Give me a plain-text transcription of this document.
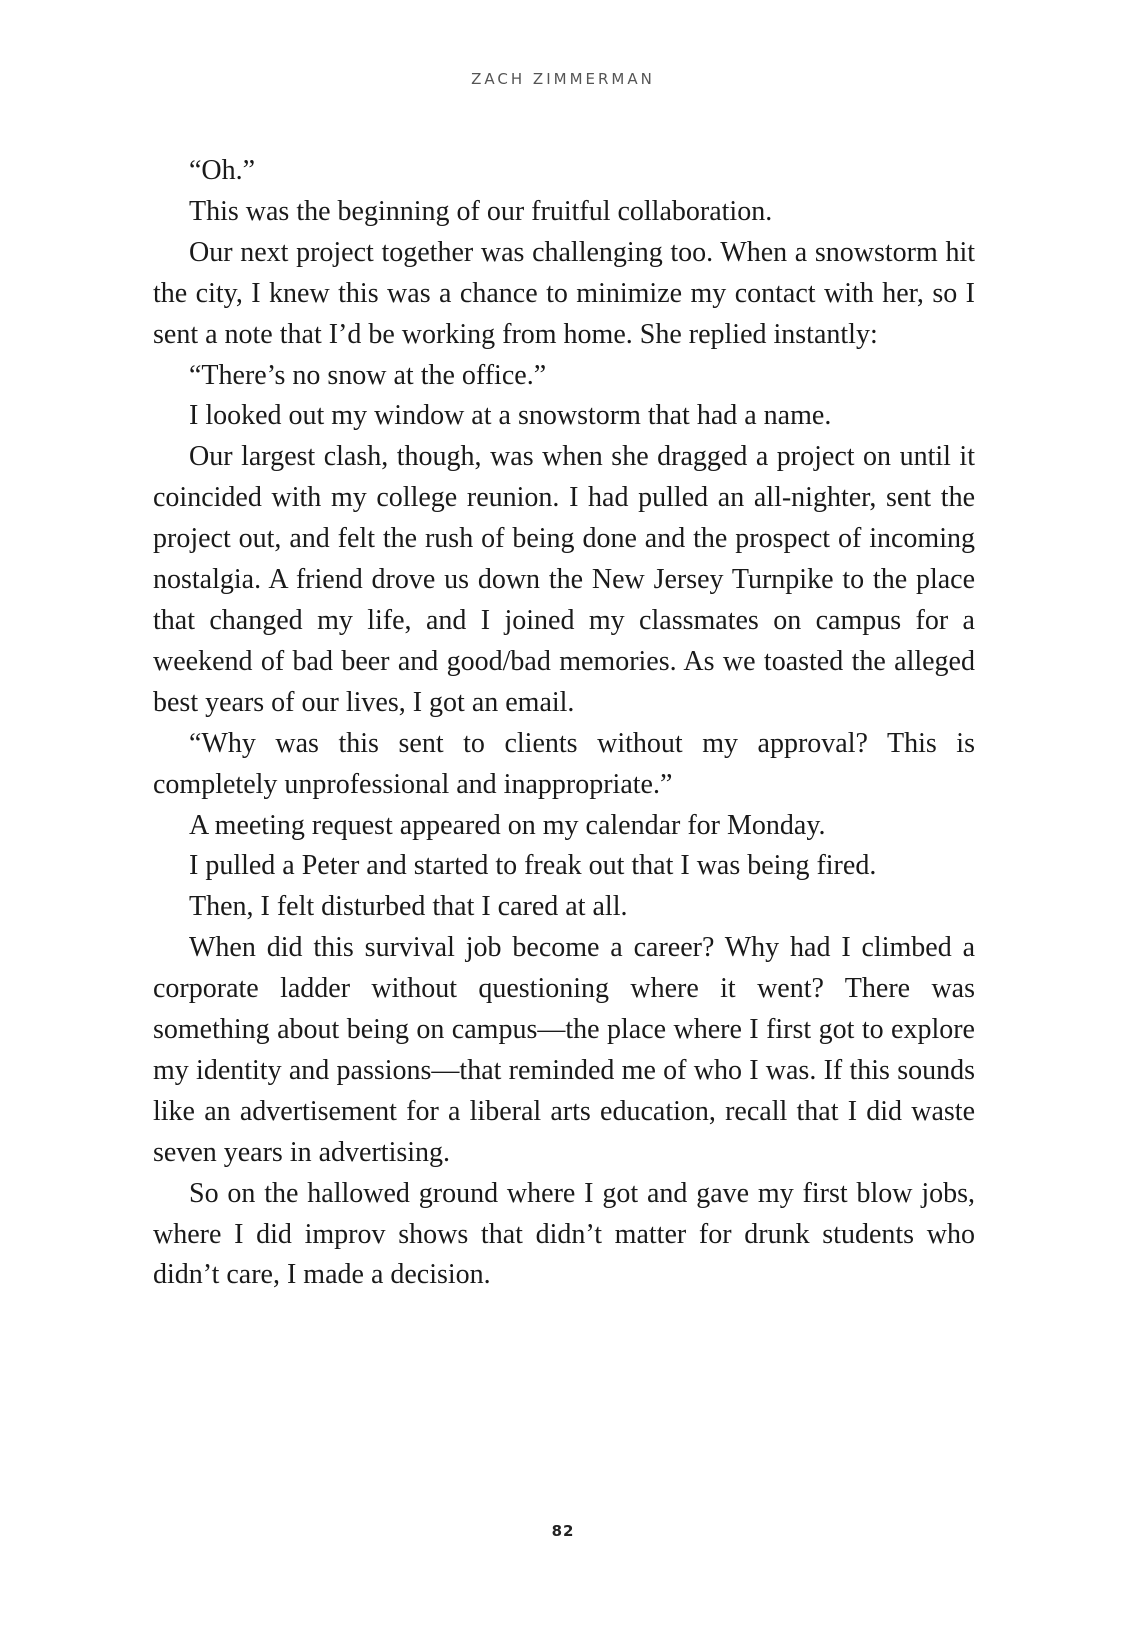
ZACH ZIMMERMAN

“Oh.”

This was the beginning of our fruitful collaboration.

Our next project together was challenging too. When a snowstorm hit the city, I knew this was a chance to minimize my contact with her, so I sent a note that I’d be working from home. She replied instantly:

“There’s no snow at the office.”

I looked out my window at a snowstorm that had a name.

Our largest clash, though, was when she dragged a project on until it coincided with my college reunion. I had pulled an all-nighter, sent the project out, and felt the rush of being done and the prospect of incoming nostalgia. A friend drove us down the New Jersey Turnpike to the place that changed my life, and I joined my classmates on campus for a weekend of bad beer and good/bad memories. As we toasted the alleged best years of our lives, I got an email.

“Why was this sent to clients without my approval? This is completely unprofessional and inappropriate.”

A meeting request appeared on my calendar for Monday.

I pulled a Peter and started to freak out that I was being fired.

Then, I felt disturbed that I cared at all.

When did this survival job become a career? Why had I climbed a corporate ladder without questioning where it went? There was something about being on campus—the place where I first got to explore my identity and passions—that reminded me of who I was. If this sounds like an advertisement for a liberal arts education, recall that I did waste seven years in advertising.

So on the hallowed ground where I got and gave my first blow jobs, where I did improv shows that didn’t matter for drunk students who didn’t care, I made a decision.

82
